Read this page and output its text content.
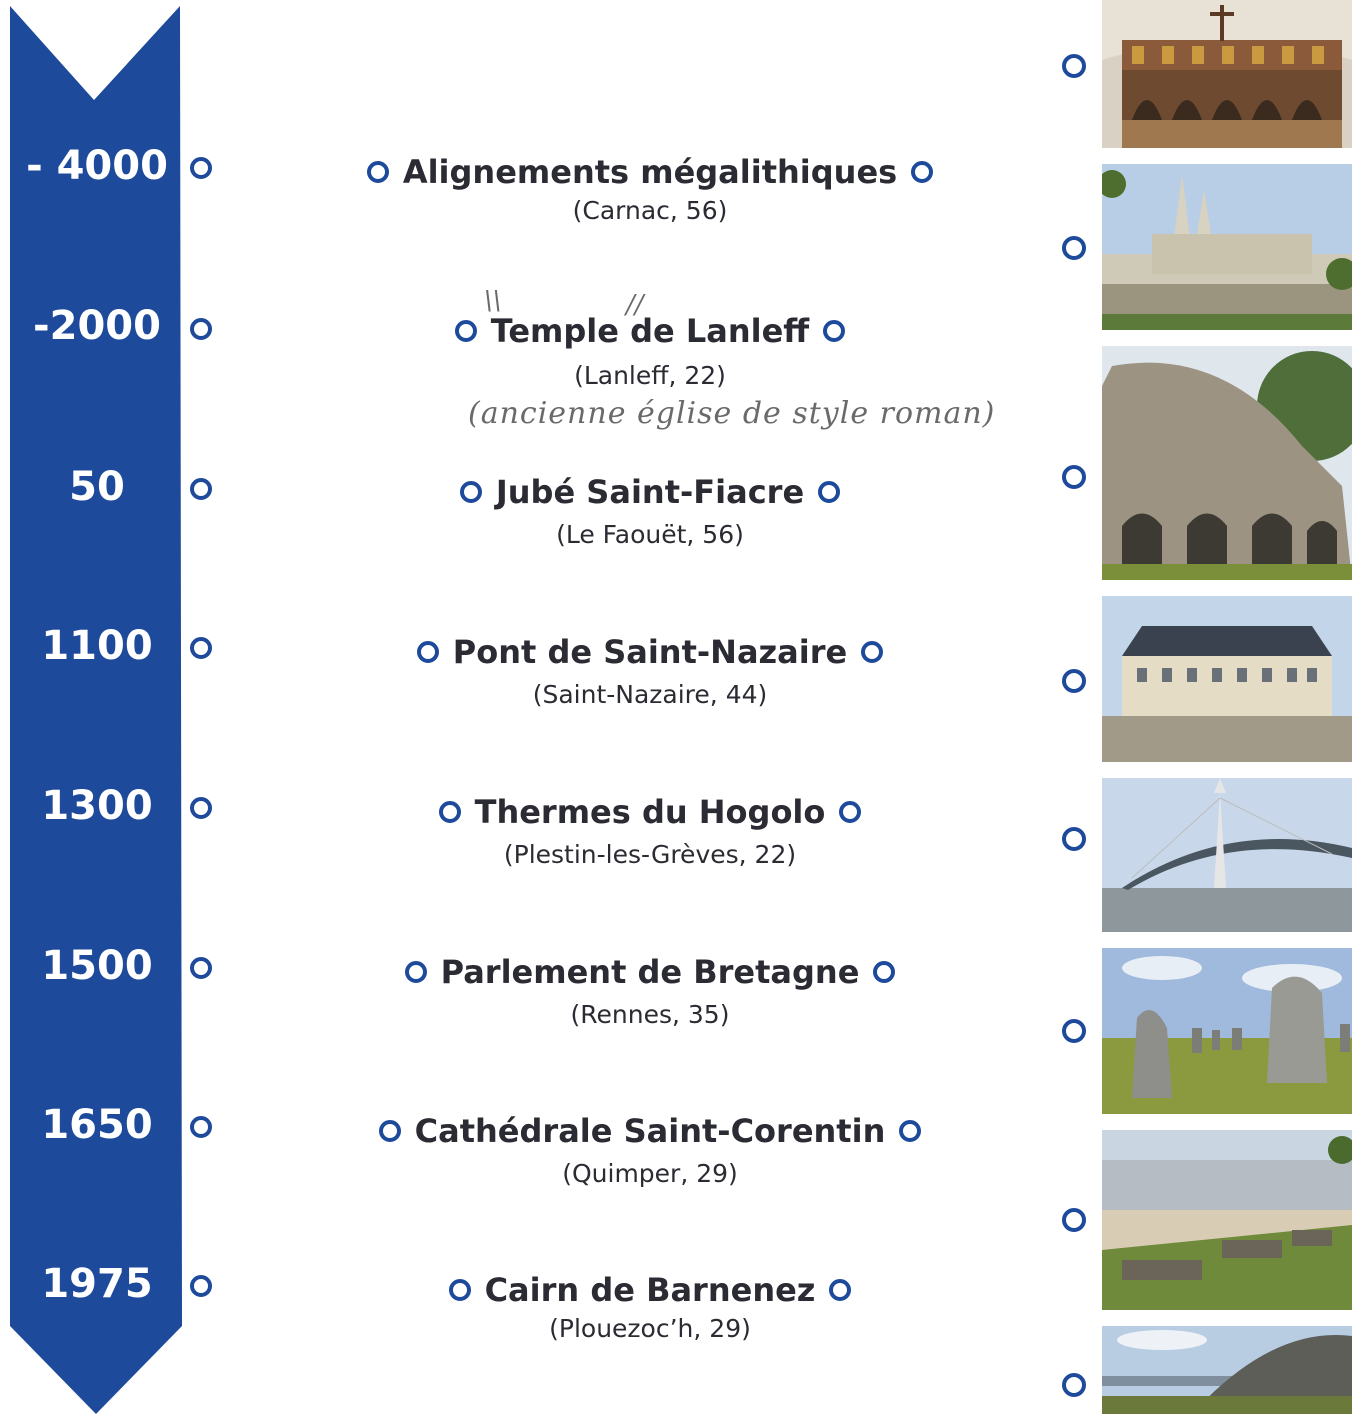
- 4000
-2000
50
1100
1300
1500
1650
1975
Alignements mégalithiques
(Carnac, 56)
Temple de Lanleff
(Lanleff, 22)
\\	//
(ancienne église de style roman)
Jubé Saint-Fiacre
(Le Faouët, 56)
Pont de Saint-Nazaire
(Saint-Nazaire, 44)
Thermes du Hogolo
(Plestin-les-Grèves, 22)
Parlement de Bretagne
(Rennes, 35)
Cathédrale Saint-Corentin
(Quimper, 29)
Cairn de Barnenez
(Plouezoc’h, 29)
